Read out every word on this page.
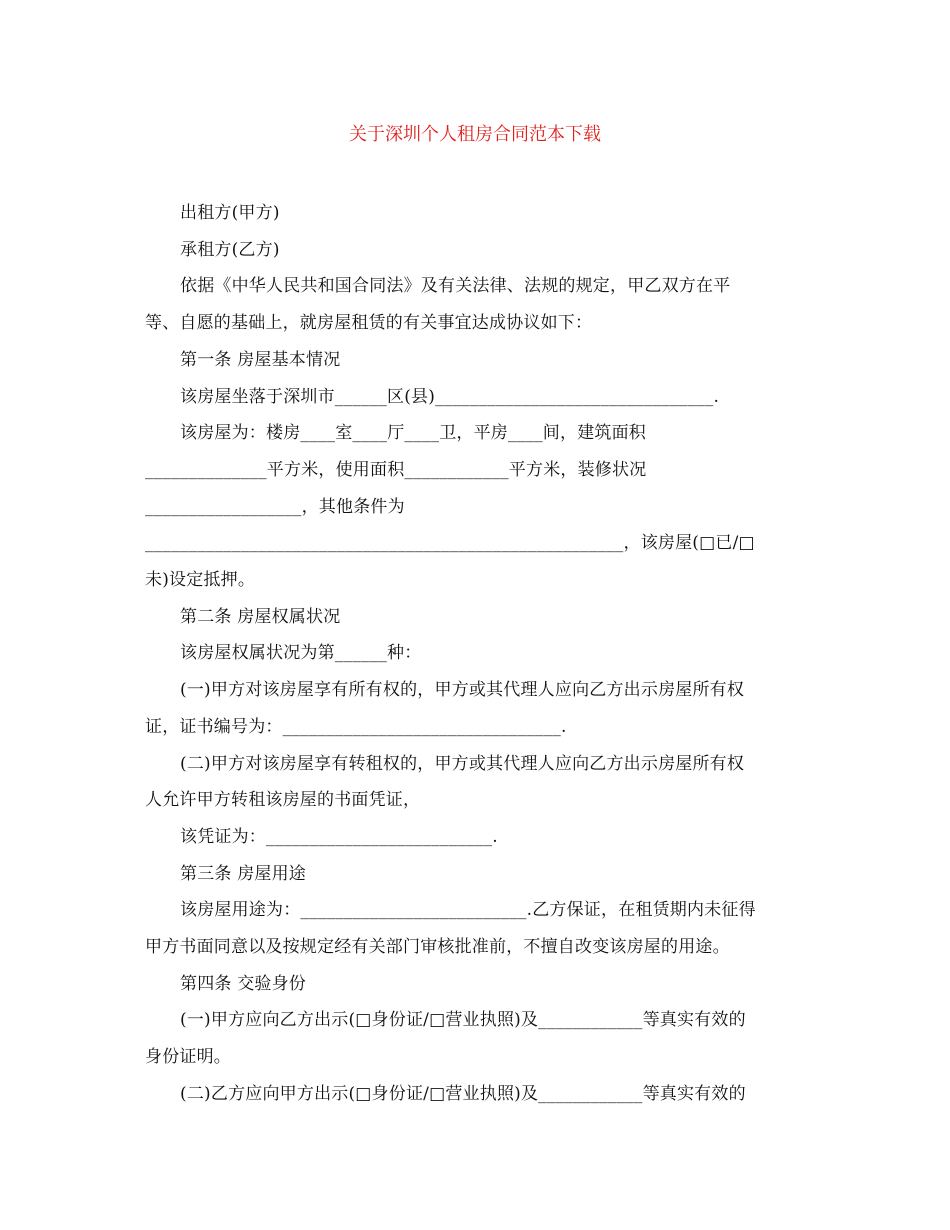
关于深圳个人租房合同范本下载

出租方(甲方)

承租方(乙方)

依据《中华人民共和国合同法》及有关法律、法规的规定，甲乙双方在平

等、自愿的基础上，就房屋租赁的有关事宜达成协议如下：

第一条 房屋基本情况

该房屋坐落于深圳市______区(县)________________________________.

该房屋为：楼房____室____厅____卫，平房____间，建筑面积

______________平方米，使用面积____________平方米，装修状况

__________________，其他条件为

_______________________________________________________，该房屋(□已/□

未)设定抵押。

第二条 房屋权属状况

该房屋权属状况为第______种：

(一)甲方对该房屋享有所有权的，甲方或其代理人应向乙方出示房屋所有权

证，证书编号为：________________________________.

(二)甲方对该房屋享有转租权的，甲方或其代理人应向乙方出示房屋所有权

人允许甲方转租该房屋的书面凭证，

该凭证为：__________________________.

第三条 房屋用途

该房屋用途为：__________________________.乙方保证，在租赁期内未征得

甲方书面同意以及按规定经有关部门审核批准前，不擅自改变该房屋的用途。

第四条 交验身份

(一)甲方应向乙方出示(□身份证/□营业执照)及____________等真实有效的

身份证明。

(二)乙方应向甲方出示(□身份证/□营业执照)及____________等真实有效的
